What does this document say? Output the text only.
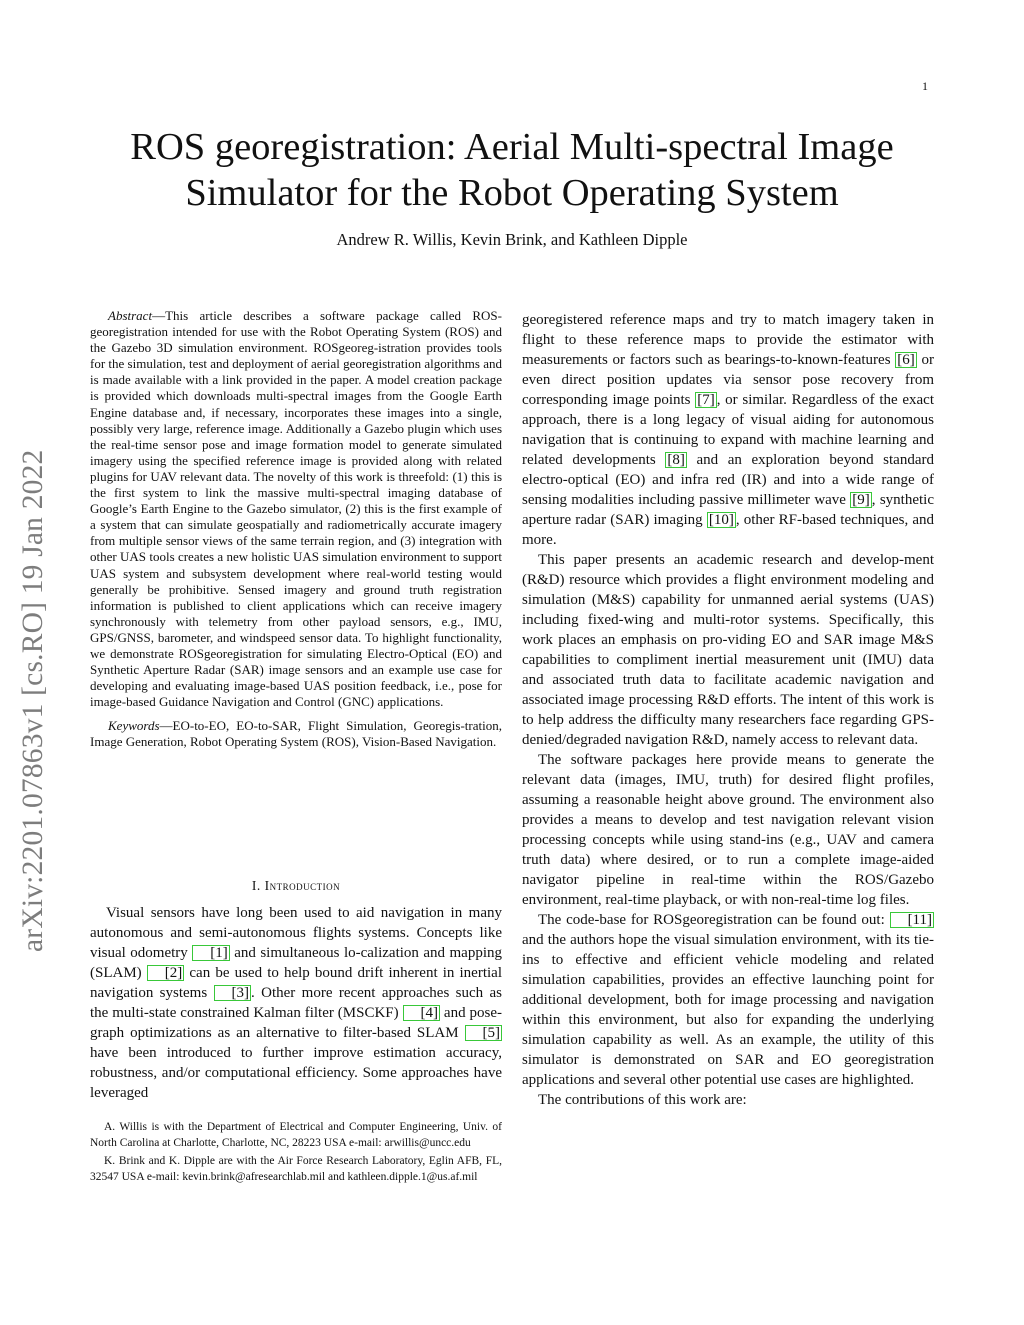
1
arXiv:2201.07863v1 [cs.RO] 19 Jan 2022
ROS georegistration: Aerial Multi-spectral Image
Simulator for the Robot Operating System
Andrew R. Willis, Kevin Brink, and Kathleen Dipple

Abstract—This article describes a software package called ROS-georegistration intended for use with the Robot Operating System (ROS) and the Gazebo 3D simulation environment. ROSgeoreg-istration provides tools for the simulation, test and deployment of aerial georegistration algorithms and is made available with a link provided in the paper. A model creation package is provided which downloads multi-spectral images from the Google Earth Engine database and, if necessary, incorporates these images into a single, possibly very large, reference image. Additionally a Gazebo plugin which uses the real-time sensor pose and image formation model to generate simulated imagery using the specified reference image is provided along with related plugins for UAV relevant data. The novelty of this work is threefold: (1) this is the first system to link the massive multi-spectral imaging database of Google’s Earth Engine to the Gazebo simulator, (2) this is the first example of a system that can simulate geospatially and radiometrically accurate imagery from multiple sensor views of the same terrain region, and (3) integration with other UAS tools creates a new holistic UAS simulation environment to support UAS system and subsystem development where real-world testing would generally be prohibitive. Sensed imagery and ground truth registration information is published to client applications which can receive imagery synchronously with telemetry from other payload sensors, e.g., IMU, GPS/GNSS, barometer, and windspeed sensor data. To highlight functionality, we demonstrate ROSgeoregistration for simulating Electro-Optical (EO) and Synthetic Aperture Radar (SAR) image sensors and an example use case for developing and evaluating image-based UAS position feedback, i.e., pose for image-based Guidance Navigation and Control (GNC) applications.

Keywords—EO-to-EO, EO-to-SAR, Flight Simulation, Georegis-tration, Image Generation, Robot Operating System (ROS), Vision-Based Navigation.

I. Introduction

Visual sensors have long been used to aid navigation in many autonomous and semi-autonomous flights systems. Concepts like visual odometry [1] and simultaneous lo-calization and mapping (SLAM) [2] can be used to help bound drift inherent in inertial navigation systems [3] . Other more recent approaches such as the multi-state constrained Kalman filter (MSCKF) [4] and pose-graph optimizations as an alternative to filter-based SLAM [5] have been introduced to further improve estimation accuracy, robustness, and/or computational efficiency. Some approaches have leveraged

A. Willis is with the Department of Electrical and Computer Engineering, Univ. of North Carolina at Charlotte, Charlotte, NC, 28223 USA e-mail: arwillis@uncc.edu

K. Brink and K. Dipple are with the Air Force Research Laboratory, Eglin AFB, FL, 32547 USA e-mail: kevin.brink@afresearchlab.mil and kathleen.dipple.1@us.af.mil

georegistered reference maps and try to match imagery taken in flight to these reference maps to provide the estimator with measurements or factors such as bearings-to-known-features [6] or even direct position updates via sensor pose recovery from corresponding image points [7] , or similar. Regardless of the exact approach, there is a long legacy of visual aiding for autonomous navigation that is continuing to expand with machine learning and related developments [8] and an exploration beyond standard electro-optical (EO) and infra red (IR) and into a wide range of sensing modalities including passive millimeter wave [9] , synthetic aperture radar (SAR) imaging [10] , other RF-based techniques, and more.

This paper presents an academic research and develop-ment (R&D) resource which provides a flight environment modeling and simulation (M&S) capability for unmanned aerial systems (UAS) including fixed-wing and multi-rotor systems. Specifically, this work places an emphasis on pro-viding EO and SAR image M&S capabilities to compliment inertial measurement unit (IMU) data and associated truth data to facilitate academic navigation and associated image processing R&D efforts. The intent of this work is to help address the difficulty many researchers face regarding GPS-denied/degraded navigation R&D, namely access to relevant data.

The software packages here provide means to generate the relevant data (images, IMU, truth) for desired flight profiles, assuming a reasonable height above ground. The environment also provides a means to develop and test navigation relevant vision processing concepts while using stand-ins (e.g., UAV and camera truth data) where desired, or to run a complete image-aided navigator pipeline in real-time within the ROS/Gazebo environment, real-time playback, or with non-real-time log files.

The code-base for ROSgeoregistration can be found out: [11] and the authors hope the visual simulation environment, with its tie-ins to effective and efficient vehicle modeling and related simulation capabilities, provides an effective launching point for additional development, both for image processing and navigation within this environment, but also for expanding the underlying simulation capability as well. As an example, the utility of this simulator is demonstrated on SAR and EO georegistration applications and several other potential use cases are highlighted.

The contributions of this work are:
